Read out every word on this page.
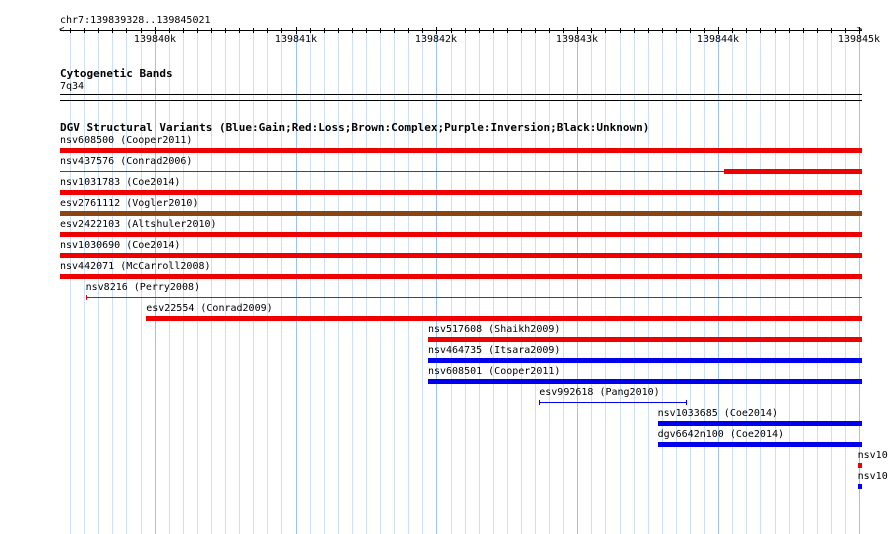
chr7:139839328..139845021
<	>
139840k	139841k	139842k	139843k	139844k	139845k
Cytogenetic Bands
7q34
DGV Structural Variants (Blue:Gain;Red:Loss;Brown:Complex;Purple:Inversion;Black:Unknown)
nsv608500 (Cooper2011)
nsv437576 (Conrad2006)
nsv1031783 (Coe2014)
esv2761112 (Vogler2010)
esv2422103 (Altshuler2010)
nsv1030690 (Coe2014)
nsv442071 (McCarroll2008)
nsv8216 (Perry2008)
esv22554 (Conrad2009)
nsv517608 (Shaikh2009)
nsv464735 (Itsara2009)
nsv608501 (Cooper2011)
esv992618 (Pang2010)
nsv1033685 (Coe2014)
dgv6642n100 (Coe2014)
nsv10
nsv10
